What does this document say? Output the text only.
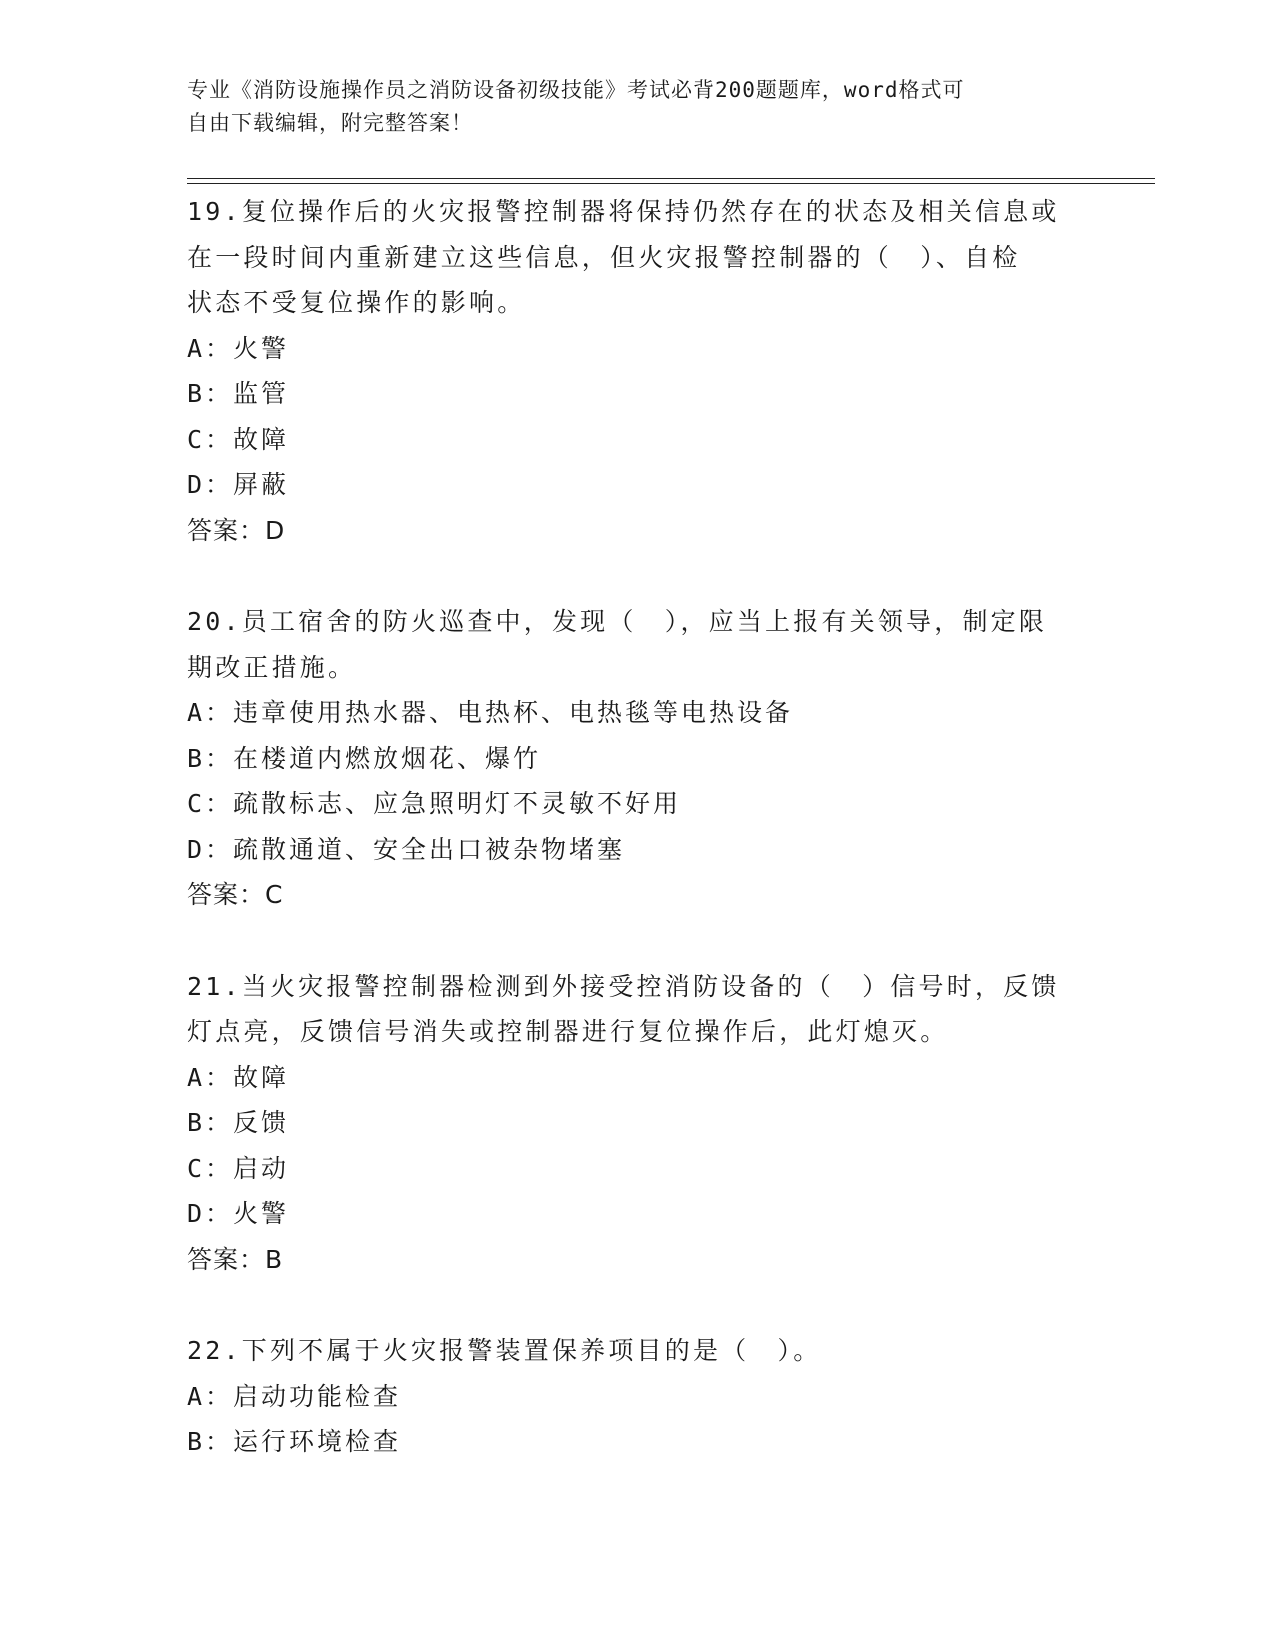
专业《消防设施操作员之消防设备初级技能》考试必背200题题库，word格式可
自由下载编辑，附完整答案！
19.复位操作后的火灾报警控制器将保持仍然存在的状态及相关信息或
在一段时间内重新建立这些信息，但火灾报警控制器的（　）、自检
状态不受复位操作的影响。
A：火警
B：监管
C：故障
D：屏蔽
答案：D
20.员工宿舍的防火巡查中，发现（　），应当上报有关领导，制定限
期改正措施。
A：违章使用热水器、电热杯、电热毯等电热设备
B：在楼道内燃放烟花、爆竹
C：疏散标志、应急照明灯不灵敏不好用
D：疏散通道、安全出口被杂物堵塞
答案：C
21.当火灾报警控制器检测到外接受控消防设备的（　）信号时，反馈
灯点亮，反馈信号消失或控制器进行复位操作后，此灯熄灭。
A：故障
B：反馈
C：启动
D：火警
答案：B
22.下列不属于火灾报警装置保养项目的是（　）。
A：启动功能检查
B：运行环境检查
